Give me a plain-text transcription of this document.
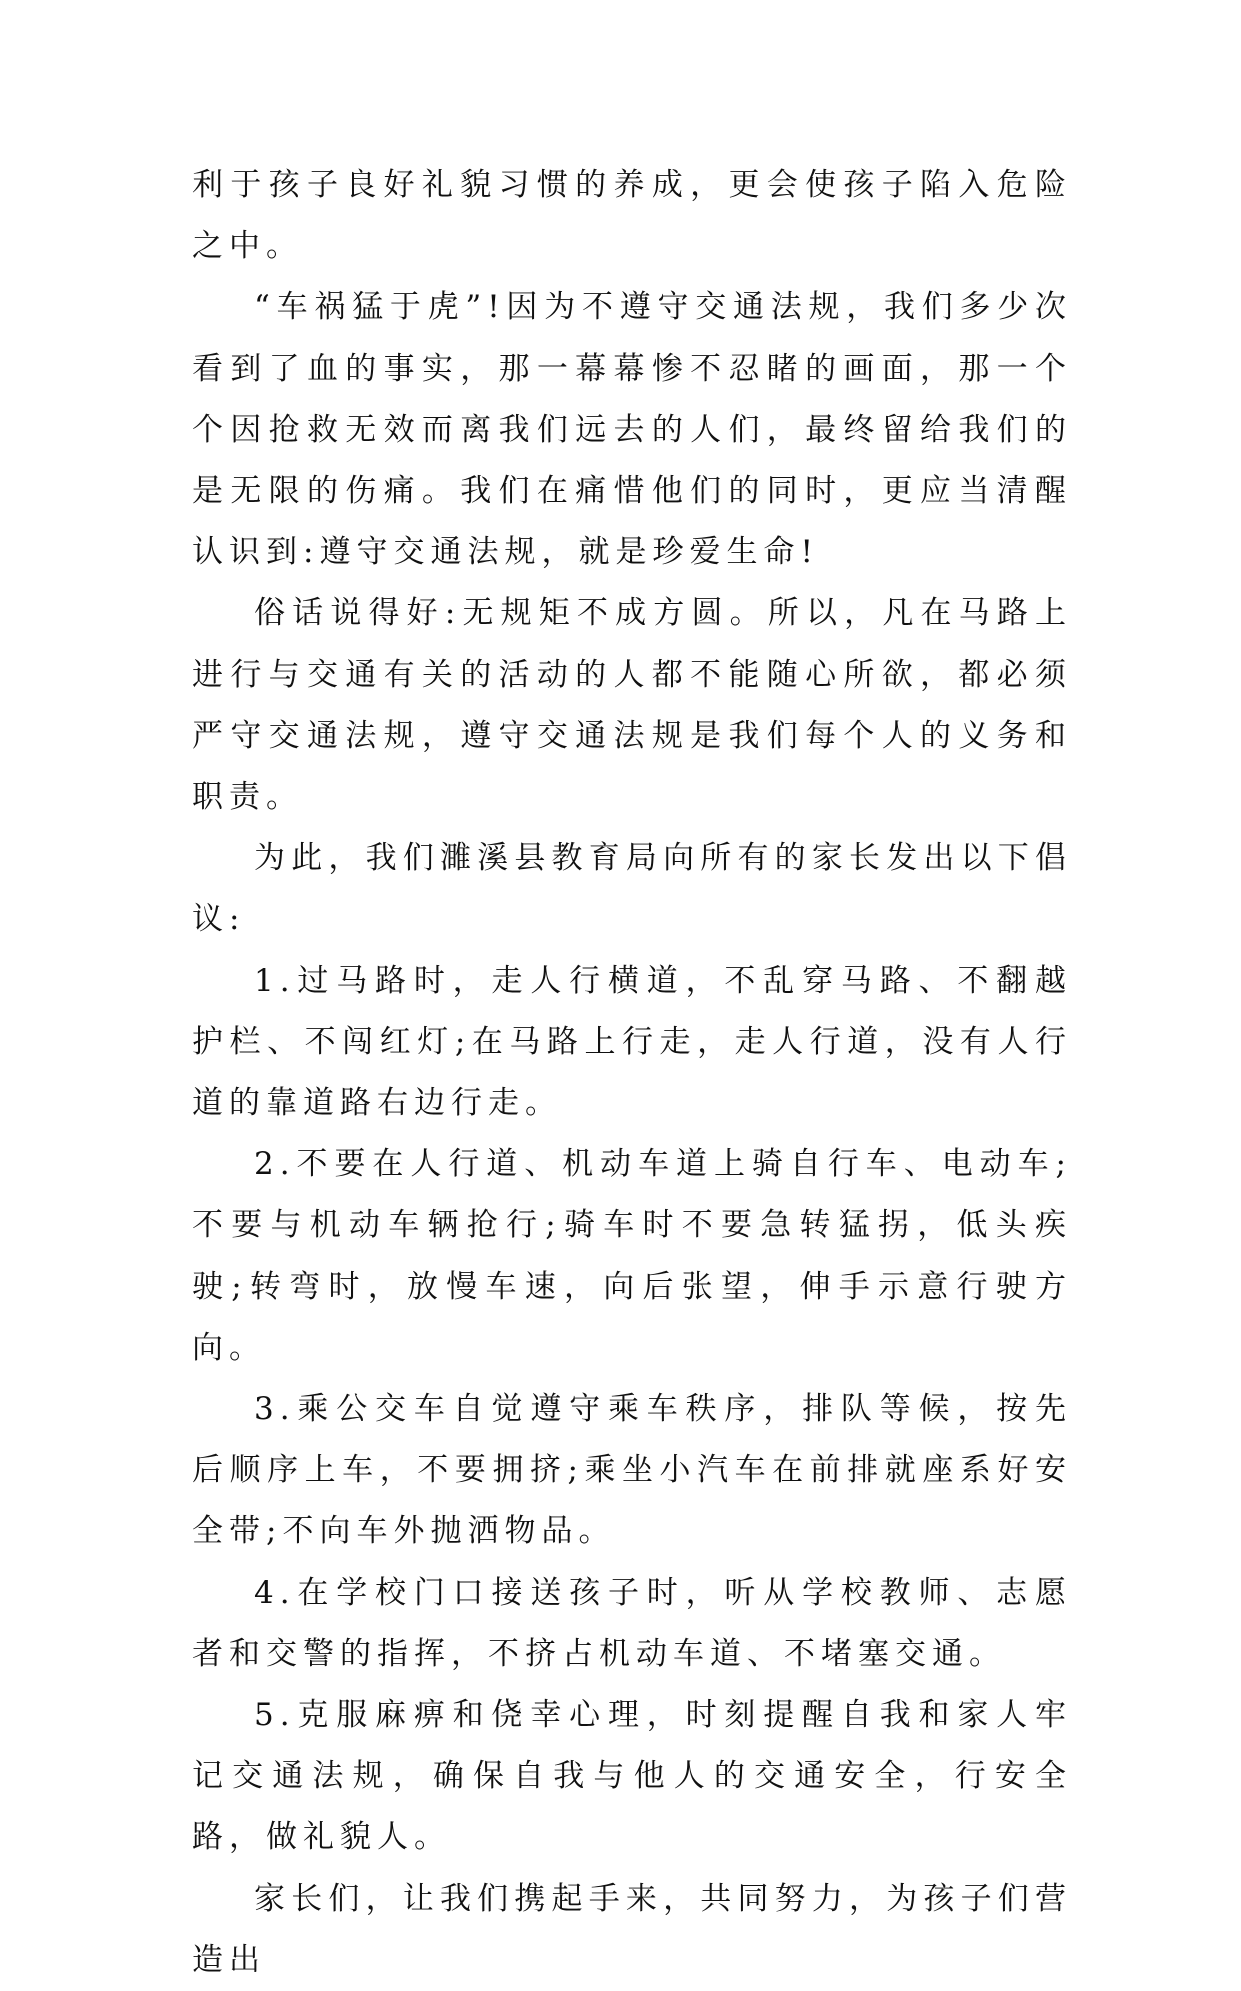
利于孩子良好礼貌习惯的养成，更会使孩子陷入危险之中。

“车祸猛于虎”!因为不遵守交通法规，我们多少次看到了血的事实，那一幕幕惨不忍睹的画面，那一个个因抢救无效而离我们远去的人们，最终留给我们的是无限的伤痛。我们在痛惜他们的同时，更应当清醒认识到:遵守交通法规，就是珍爱生命!

俗话说得好:无规矩不成方圆。所以，凡在马路上进行与交通有关的活动的人都不能随心所欲，都必须严守交通法规，遵守交通法规是我们每个人的义务和职责。

为此，我们濉溪县教育局向所有的家长发出以下倡议:

1.过马路时，走人行横道，不乱穿马路、不翻越护栏、不闯红灯;在马路上行走，走人行道，没有人行道的靠道路右边行走。

2.不要在人行道、机动车道上骑自行车、电动车;不要与机动车辆抢行;骑车时不要急转猛拐，低头疾驶;转弯时，放慢车速，向后张望，伸手示意行驶方向。

3.乘公交车自觉遵守乘车秩序，排队等候，按先后顺序上车，不要拥挤;乘坐小汽车在前排就座系好安全带;不向车外抛洒物品。

4.在学校门口接送孩子时，听从学校教师、志愿者和交警的指挥，不挤占机动车道、不堵塞交通。

5.克服麻痹和侥幸心理，时刻提醒自我和家人牢记交通法规，确保自我与他人的交通安全，行安全路，做礼貌人。

家长们，让我们携起手来，共同努力，为孩子们营造出
